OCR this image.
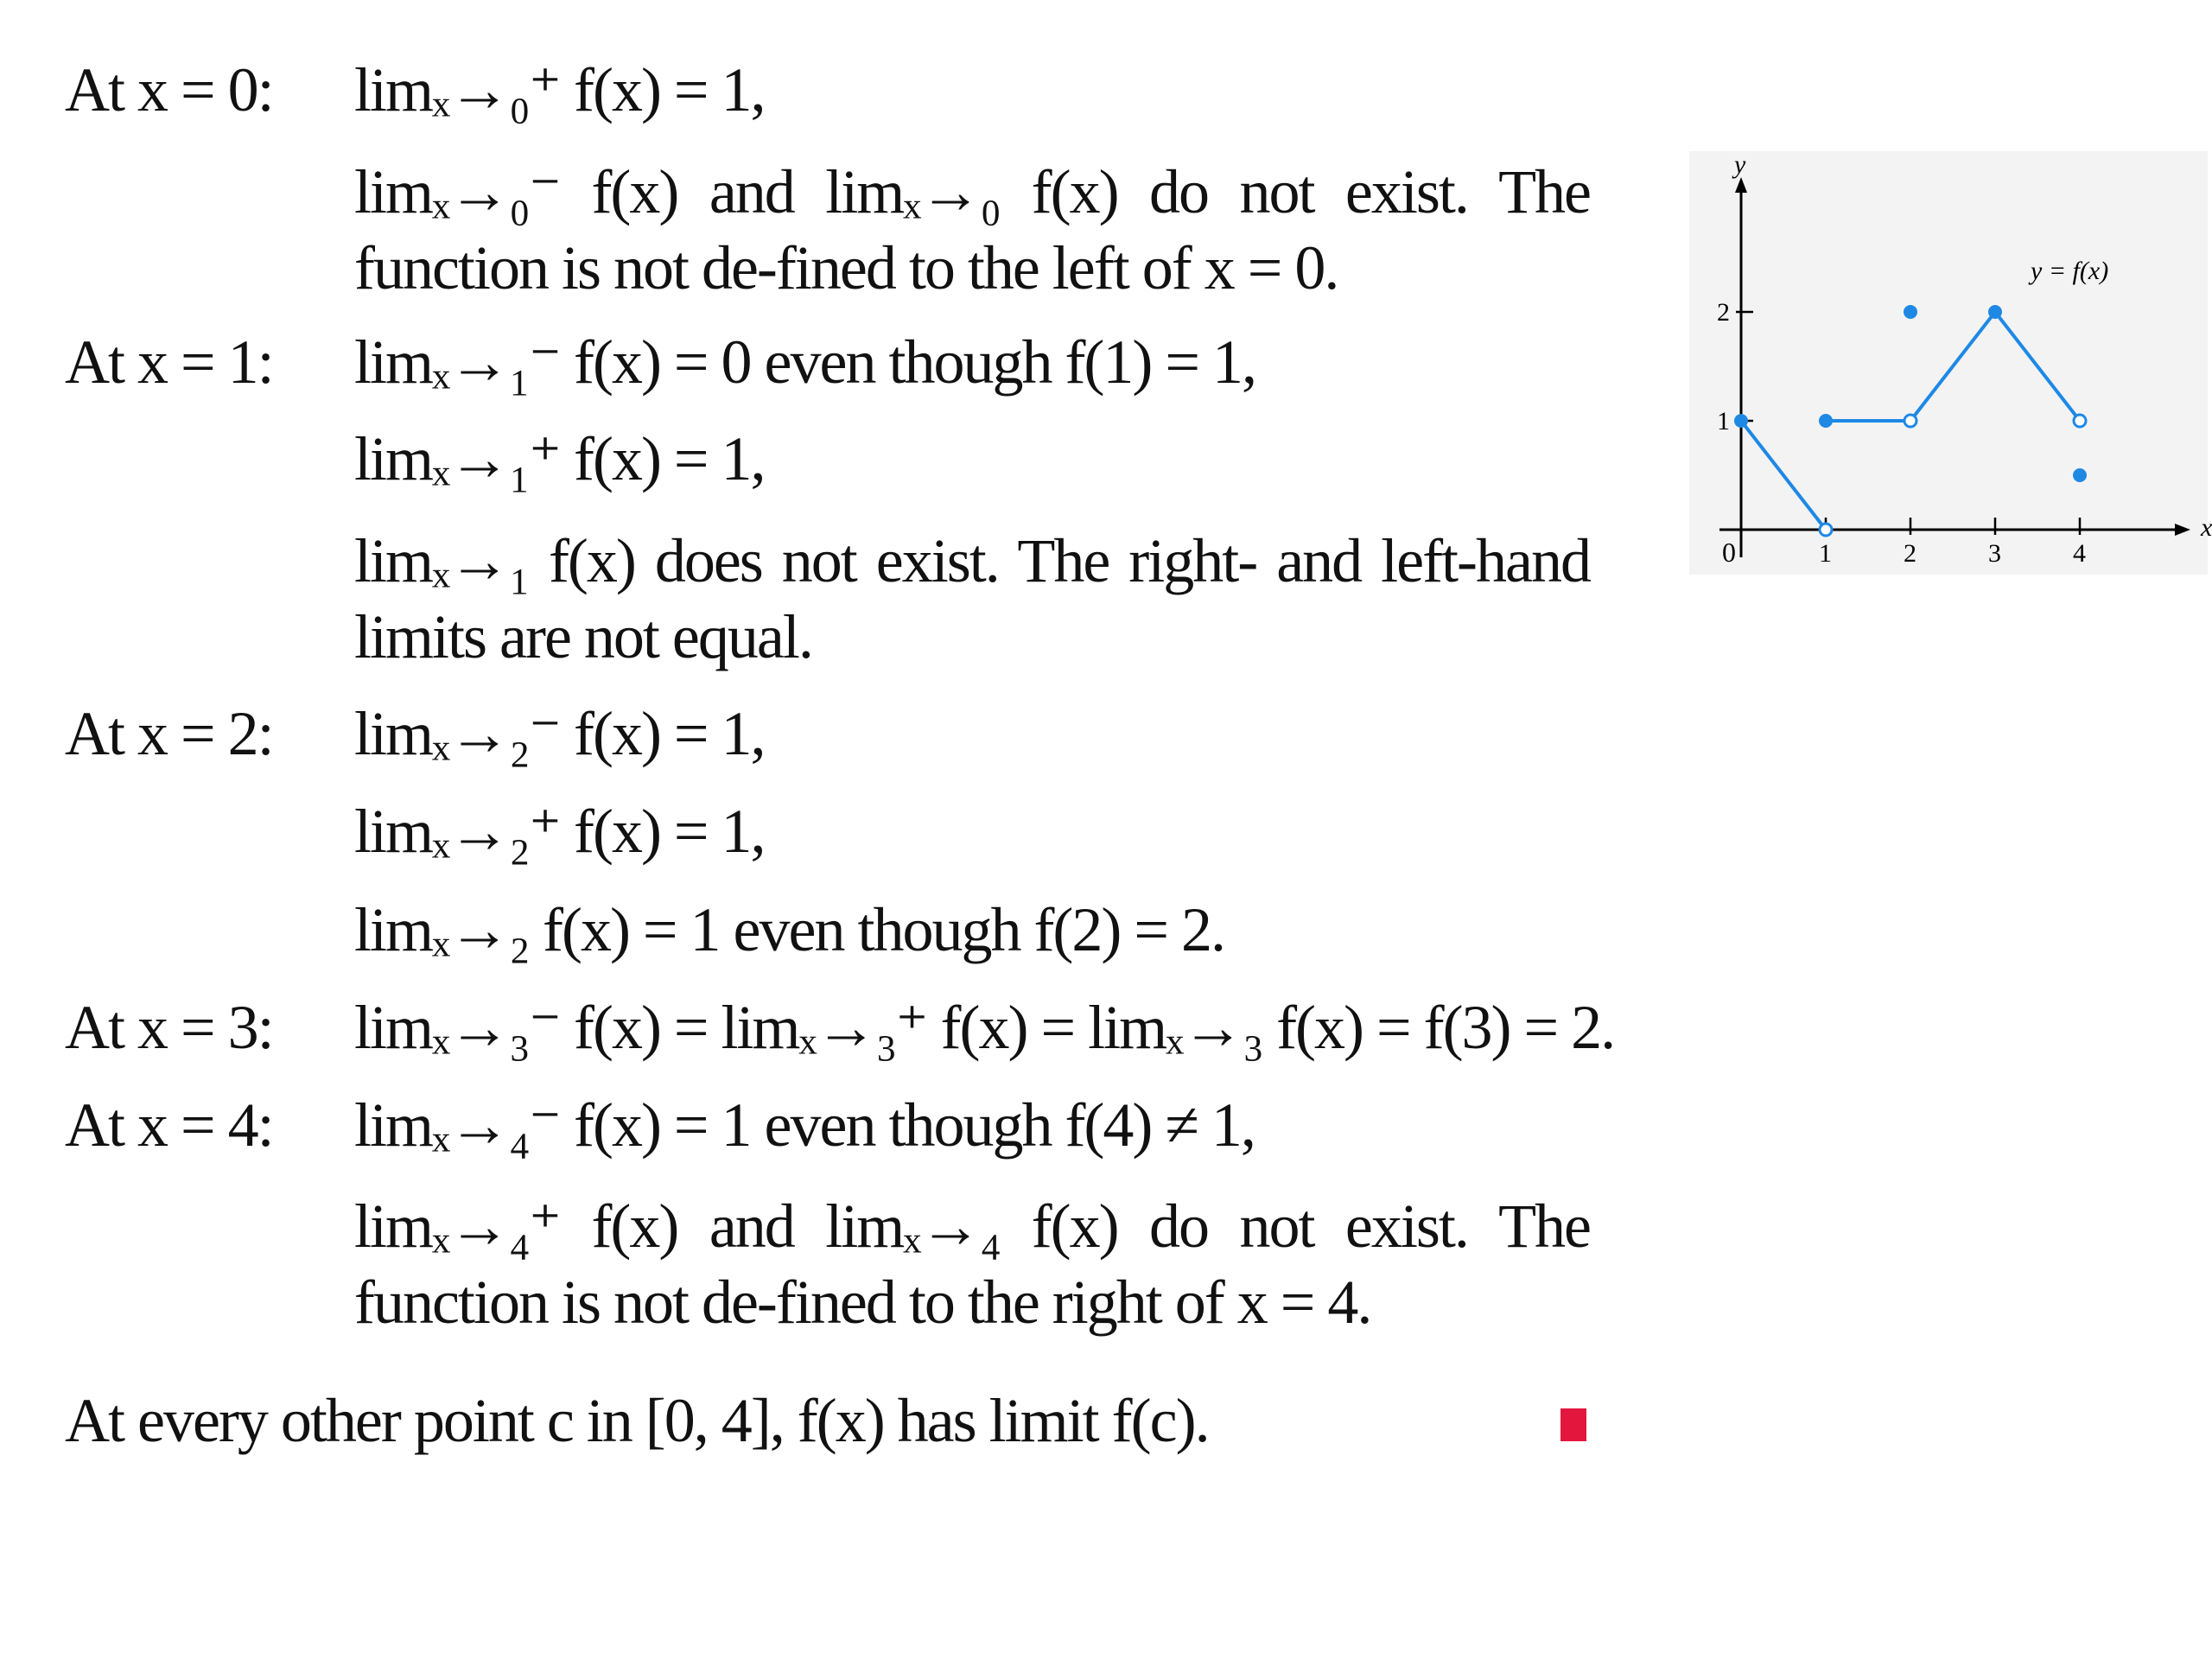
At x = 0: limₓ→₀⁺ f(x) = 1,
limₓ→₀⁻ f(x) and limₓ→₀ f(x) do not exist. The function is not de-fined to the left of x = 0.
At x = 1: limₓ→₁⁻ f(x) = 0 even though f(1) = 1,
limₓ→₁⁺ f(x) = 1,
limₓ→₁ f(x) does not exist. The right- and left-hand limits are not equal.
At x = 2: limₓ→₂⁻ f(x) = 1,
limₓ→₂⁺ f(x) = 1,
limₓ→₂ f(x) = 1 even though f(2) = 2.
At x = 3: limₓ→₃⁻ f(x) = limₓ→₃⁺ f(x) = limₓ→₃ f(x) = f(3) = 2.
At x = 4: limₓ→₄⁻ f(x) = 1 even though f(4) ≠ 1,
limₓ→₄⁺ f(x) and limₓ→₄ f(x) do not exist. The function is not de-fined to the right of x = 4.
At every other point c in [0, 4], f(x) has limit f(c).
x
y
0
y = f(x)
1	2	3	4
1
2
